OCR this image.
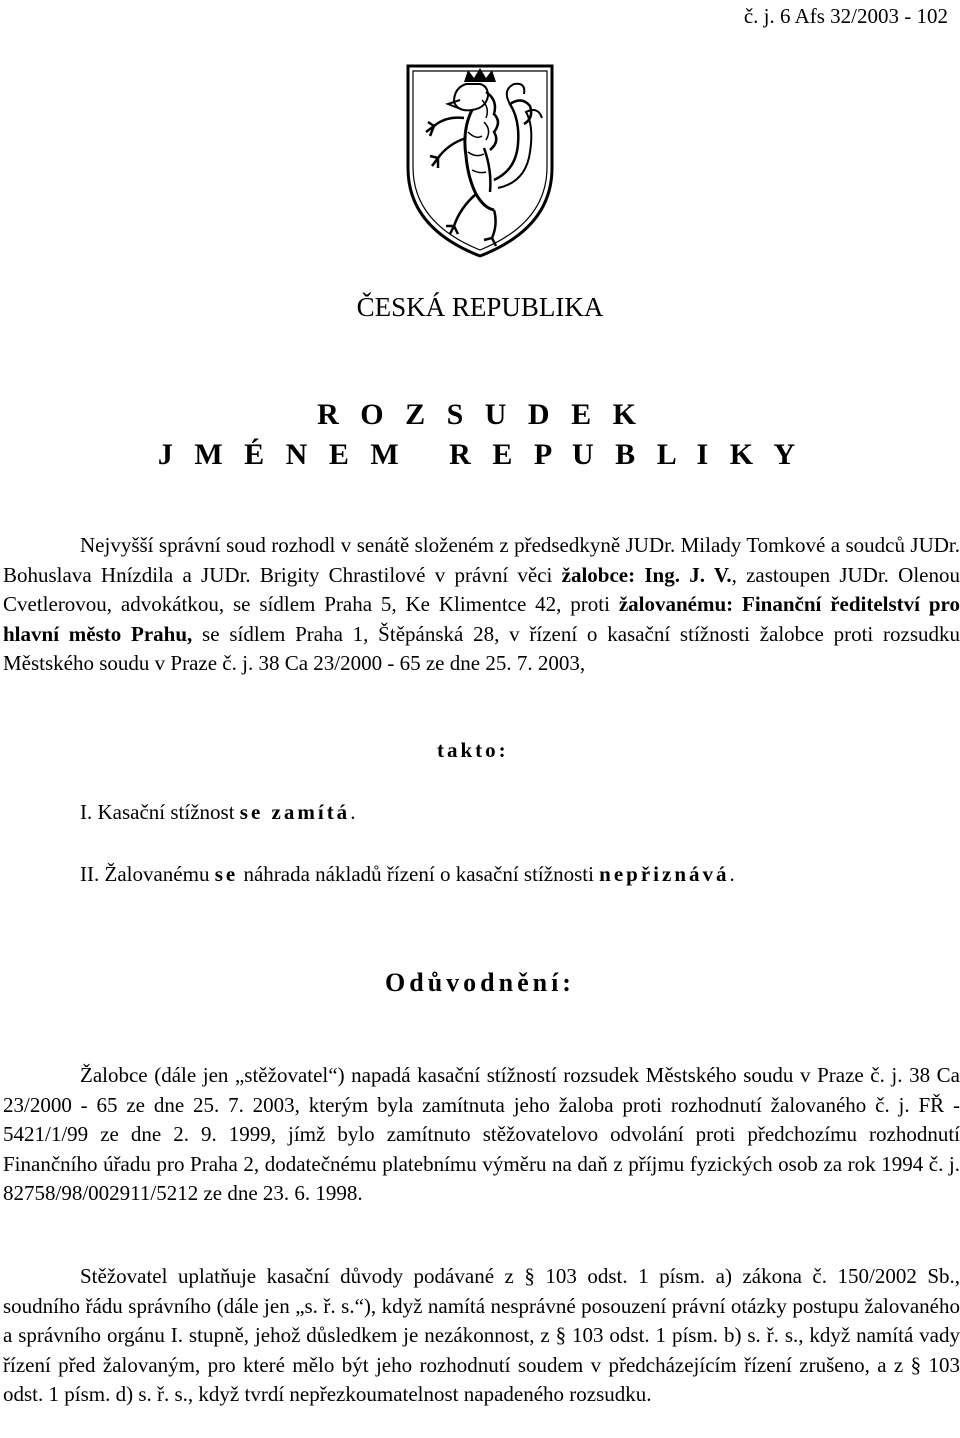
č. j. 6 Afs 32/2003 - 102
ČESKÁ REPUBLIKA
R O Z S U D E K
J M É N E M   R E P U B L I K Y
Nejvyšší správní soud rozhodl v senátě složeném z předsedkyně JUDr. Milady Tomkové a soudců JUDr. Bohuslava Hnízdila a JUDr. Brigity Chrastilové v právní věci žalobce: Ing. J. V., zastoupen JUDr. Olenou Cvetlerovou, advokátkou, se sídlem Praha 5, Ke Klimentce 42, proti žalovanému: Finanční ředitelství pro hlavní město Prahu, se sídlem Praha 1, Štěpánská 28, v řízení o kasační stížnosti žalobce proti rozsudku Městského soudu v Praze č. j. 38 Ca 23/2000 - 65 ze dne 25. 7. 2003,
takto:
I. Kasační stížnost se zamítá.
II. Žalovanému se náhrada nákladů řízení o kasační stížnosti nepřiznává.
Odůvodnění:
Žalobce (dále jen „stěžovatel“) napadá kasační stížností rozsudek Městského soudu v Praze č. j. 38 Ca 23/2000 - 65 ze dne 25. 7. 2003, kterým byla zamítnuta jeho žaloba proti rozhodnutí žalovaného č. j. FŘ - 5421/1/99 ze dne 2. 9. 1999, jímž bylo zamítnuto stěžovatelovo odvolání proti předchozímu rozhodnutí Finančního úřadu pro Praha 2, dodatečnému platebnímu výměru na daň z příjmu fyzických osob za rok 1994 č. j. 82758/98/002911/5212 ze dne 23. 6. 1998.
Stěžovatel uplatňuje kasační důvody podávané z § 103 odst. 1 písm. a) zákona č. 150/2002 Sb., soudního řádu správního (dále jen „s. ř. s.“), když namítá nesprávné posouzení právní otázky postupu žalovaného a správního orgánu I. stupně, jehož důsledkem je nezákonnost, z § 103 odst. 1 písm. b) s. ř. s., když namítá vady řízení před žalovaným, pro které mělo být jeho rozhodnutí soudem v předcházejícím řízení zrušeno, a z § 103 odst. 1 písm. d) s. ř. s., když tvrdí nepřezkoumatelnost napadeného rozsudku.
